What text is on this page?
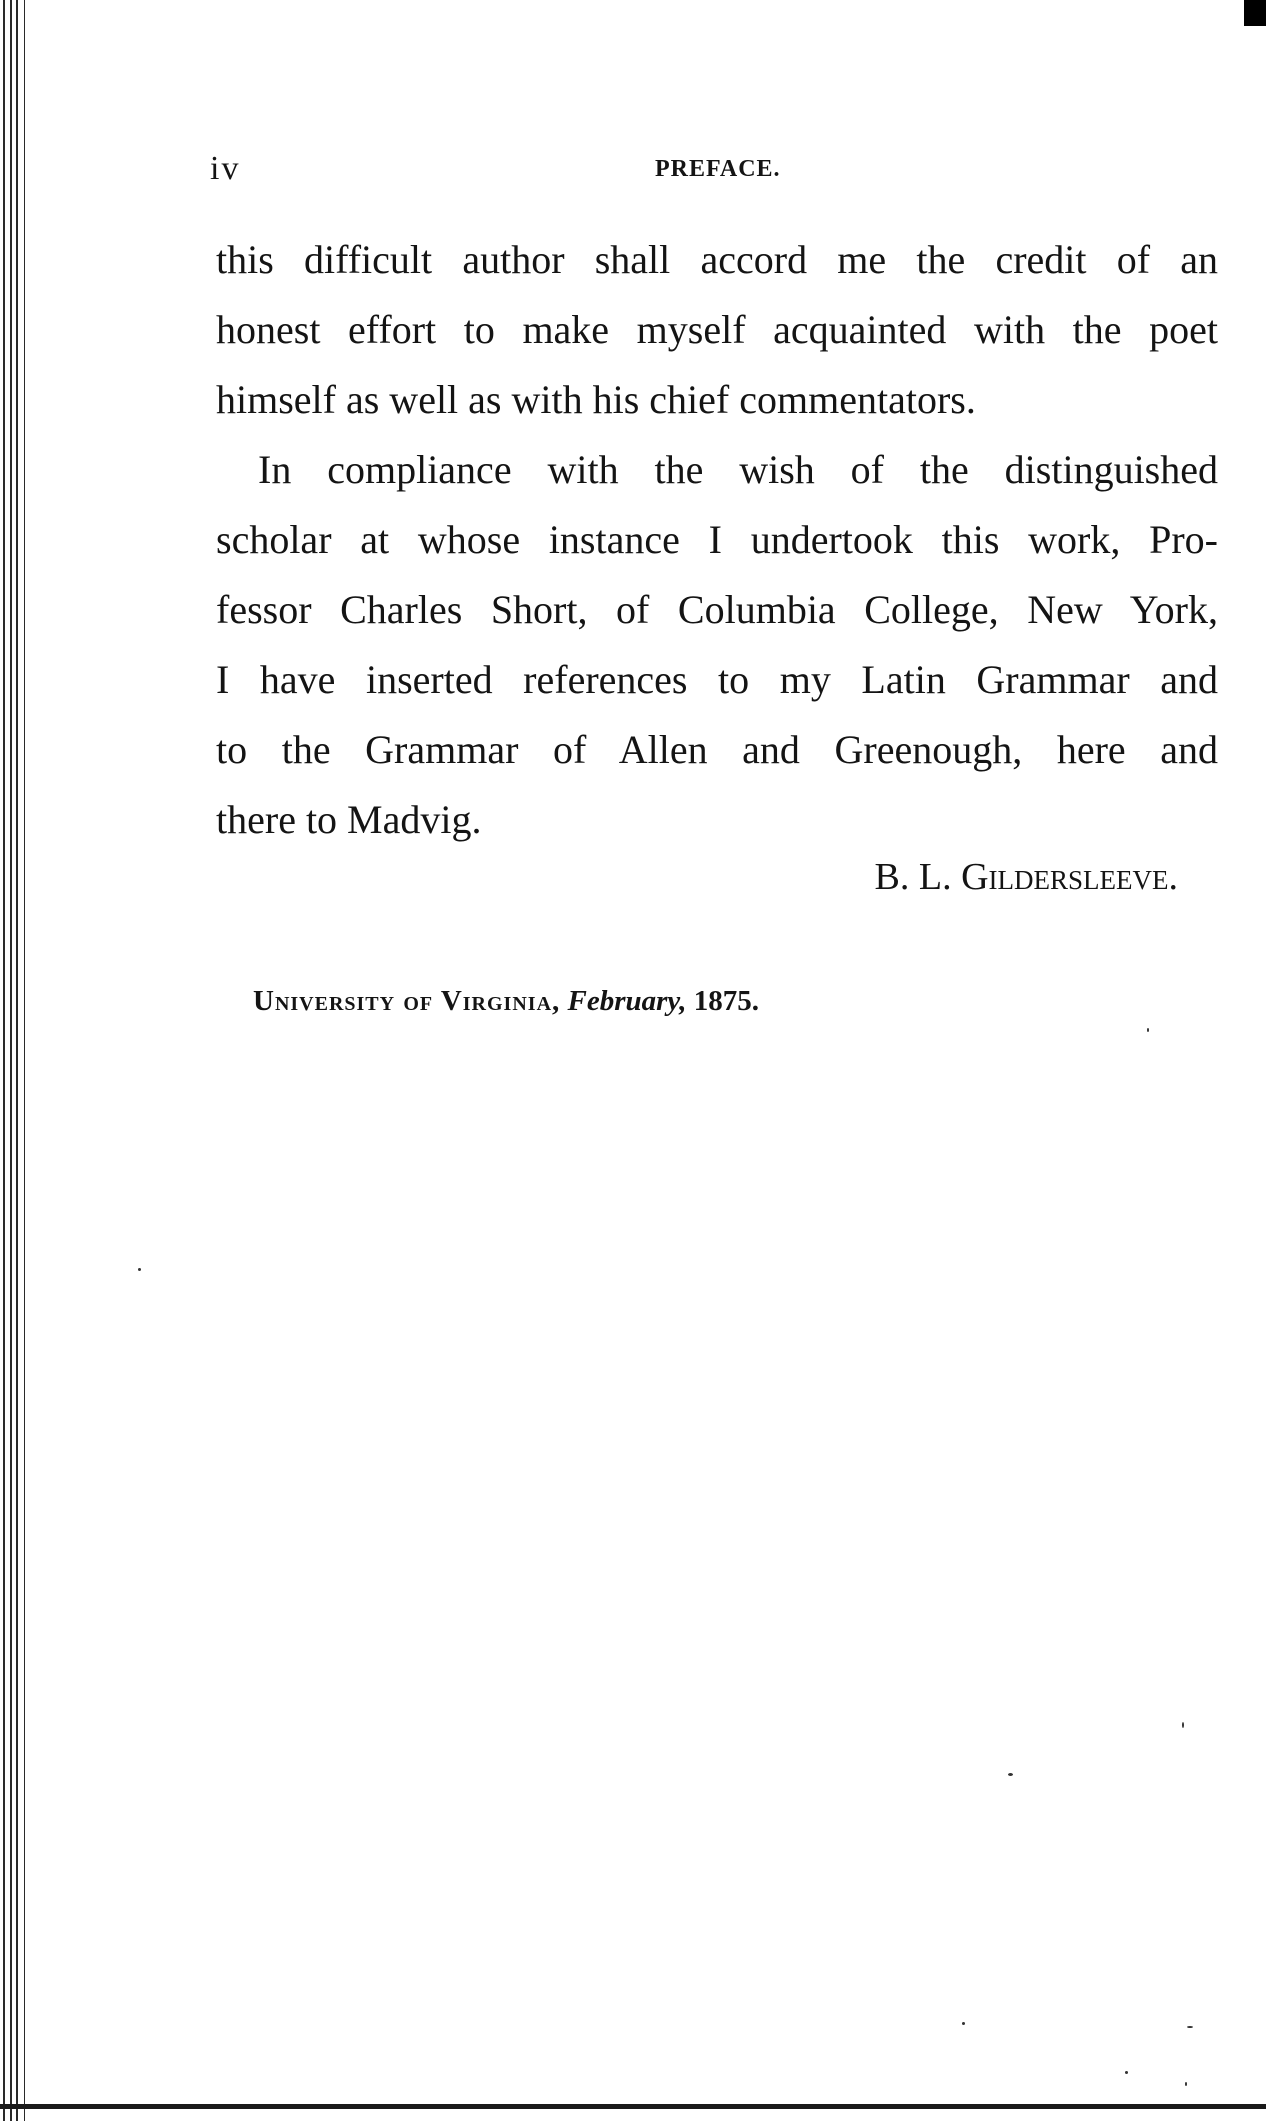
iv	PREFACE.

this difficult author shall accord me the credit of an
honest effort to make myself acquainted with the poet
himself as well as with his chief commentators.

In compliance with the wish of the distinguished
scholar at whose instance I undertook this work, Pro-
fessor Charles Short, of Columbia College, New York,
I have inserted references to my Latin Grammar and
to the Grammar of Allen and Greenough, here and
there to Madvig.

B. L. Gildersleeve.
University of Virginia, February, 1875.
